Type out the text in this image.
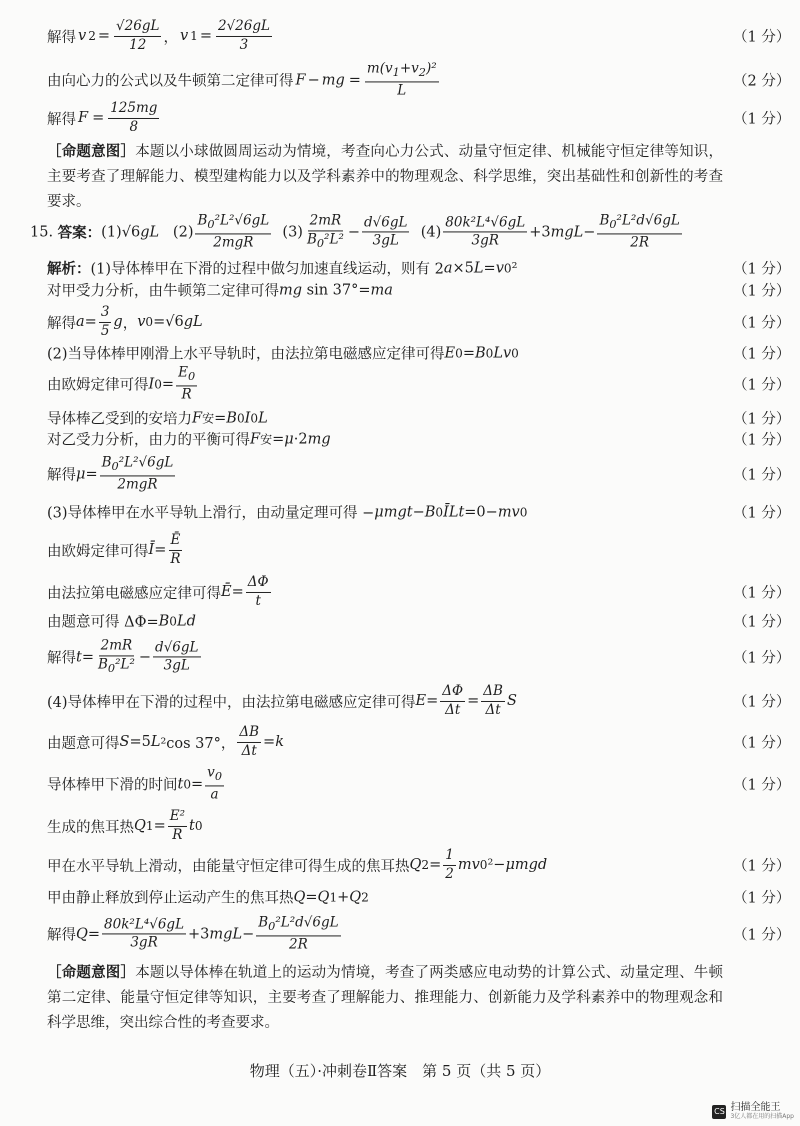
解得 v $2 = \frac{√26gL}{12}$ ， v $1 = \frac{2√26gL}{3}$	（1 分）
由向心力的公式以及牛顿第二定律可得 F − mg = $\frac{m(v_1+v_2)^2}{L}$	（2 分）
解得 $F = \frac{125mg}{8}$	（1 分）
［命题意图］本题以小球做圆周运动为情境，考查向心力公式、动量守恒定律、机械能守恒定律等知识，主要考查了理解能力、模型建构能力以及学科素养中的物理观念、科学思维，突出基础性和创新性的考查要求。
15.
答案： (1)√6 gL $(2) \frac{B_0^2L^2√6gL}{\text{2mgR}} (3) \frac{2mR}{B_0^2L^2} - \frac{d√6gL}{3gL} (4) \frac{\text{80k²L⁴√6gL}}{3gR} +3$ mgL − $\frac{B_0^2L^2d√6gL}{2R}$
解析： (1)导体棒甲在下滑的过程中做匀加速直线运动，则有 2 a ×5 L = v 0 ²	（1 分）
对甲受力分析，由牛顿第二定律可得 mg sin 37°= ma	（1 分）
解得 $a = \frac{3}{5}$ g ， v 0 =√6 gL	（1 分）
(2)当导体棒甲刚滑上水平导轨时，由法拉第电磁感应定律可得 E 0 = B 0 Lv 0	（1 分）
由欧姆定律可得 I $0 = \frac{E_0}{R}$	（1 分）
导体棒乙受到的安培力 F 安 = B 0 I 0 L	（1 分）
对乙受力分析，由力的平衡可得 F 安 = μ ·2 mg	（1 分）
解得 $\mu = \frac{B_0^2L^2√6gL}{\text{2mgR}}$	（1 分）
(3)导体棒甲在水平导轨上滑行，由动量定理可得 − μmgt − B 0 ĪLt =0− mv 0	（1 分）
由欧姆定律可得 Ī = $\frac{Ē}{R}$
由法拉第电磁感应定律可得 Ē = $\frac{\Delta\Phi}{t}$	（1 分）
由题意可得 ΔΦ= B 0 Ld	（1 分）
解得 $t = \frac{2mR}{B_0^2L^2} - \frac{d√6gL}{3gL}$	（1 分）
(4)导体棒甲在下滑的过程中，由法拉第电磁感应定律可得 $E = \frac{\Delta\Phi}{\Delta t} = \frac{\Delta B}{\Delta t}$ S	（1 分）
由题意可得 S =5 L ²cos 37°， $\frac{\Delta B}{\Delta t} = k$	（1 分）
导体棒甲下滑的时间 t $0 = \frac{v_0}{a}$	（1 分）
生成的焦耳热 Q $1 = \frac{\text{E²}}{R}$ t 0
甲在水平导轨上滑动，由能量守恒定律可得生成的焦耳热 Q $2 = \frac{1}{2}$ mv 0 ²− μmgd	（1 分）
甲由静止释放到停止运动产生的焦耳热 Q = Q 1 + Q 2	（1 分）
解得 $Q = \frac{\text{80k²L⁴√6gL}}{3gR} +3$ mgL − $\frac{B_0^2L^2d√6gL}{2R}$	（1 分）
［命题意图］本题以导体棒在轨道上的运动为情境，考查了两类感应电动势的计算公式、动量定理、牛顿第二定律、能量守恒定律等知识，主要考查了理解能力、推理能力、创新能力及学科素养中的物理观念和科学思维，突出综合性的考查要求。
物理（五）·冲刺卷Ⅱ答案　第 5 页（共 5 页）
CS 扫描全能王
3亿人都在用的扫描App
